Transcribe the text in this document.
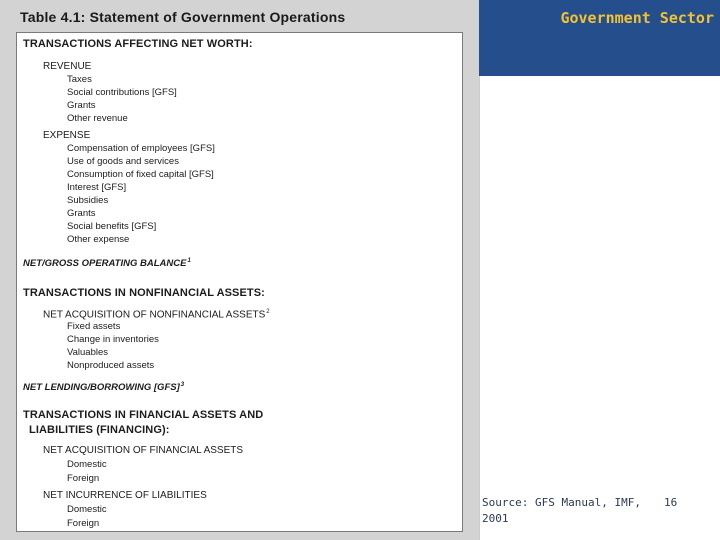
Table 4.1: Statement of Government Operations
TRANSACTIONS AFFECTING NET WORTH:
REVENUE
Taxes
Social contributions [GFS]
Grants
Other revenue
EXPENSE
Compensation of employees [GFS]
Use of goods and services
Consumption of fixed capital [GFS]
Interest [GFS]
Subsidies
Grants
Social benefits [GFS]
Other expense
NET/GROSS OPERATING BALANCE$^1$
TRANSACTIONS IN NONFINANCIAL ASSETS:
NET ACQUISITION OF NONFINANCIAL ASSETS$^2$
Fixed assets
Change in inventories
Valuables
Nonproduced assets
NET LENDING/BORROWING [GFS]$^3$
TRANSACTIONS IN FINANCIAL ASSETS AND
LIABILITIES (FINANCING):
NET ACQUISITION OF FINANCIAL ASSETS
Domestic
Foreign
NET INCURRENCE OF LIABILITIES
Domestic
Foreign
Government Sector
Source: GFS Manual, IMF, 2001
16
